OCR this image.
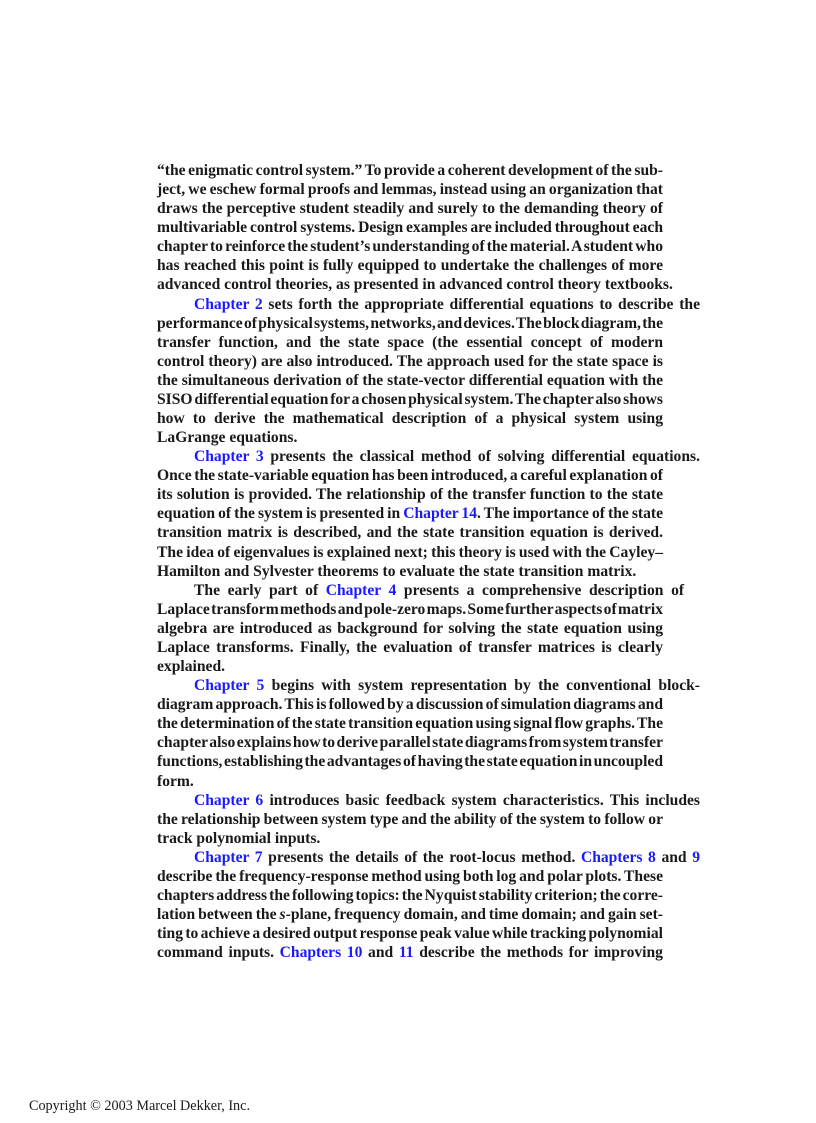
“the enigmatic control system.” To provide a coherent development of the sub-
ject, we eschew formal proofs and lemmas, instead using an organization that
draws the perceptive student steadily and surely to the demanding theory of
multivariable control systems. Design examples are included throughout each
chapter to reinforce the student’s understanding of the material. A student who
has reached this point is fully equipped to undertake the challenges of more
advanced control theories, as presented in advanced control theory textbooks.

Chapter 2 sets forth the appropriate differential equations to describe the
performance of physical systems, networks, and devices. The block diagram, the
transfer function, and the state space (the essential concept of modern
control theory) are also introduced. The approach used for the state space is
the simultaneous derivation of the state-vector differential equation with the
SISO differential equation for a chosen physical system. The chapter also shows
how to derive the mathematical description of a physical system using
LaGrange equations.

Chapter 3 presents the classical method of solving differential equations.
Once the state-variable equation has been introduced, a careful explanation of
its solution is provided. The relationship of the transfer function to the state
equation of the system is presented in Chapter 14. The importance of the state
transition matrix is described, and the state transition equation is derived.
The idea of eigenvalues is explained next; this theory is used with the Cayley–
Hamilton and Sylvester theorems to evaluate the state transition matrix.

The early part of Chapter 4 presents a comprehensive description of
Laplace transform methods and pole-zero maps. Some further aspects of matrix
algebra are introduced as background for solving the state equation using
Laplace transforms. Finally, the evaluation of transfer matrices is clearly
explained.

Chapter 5 begins with system representation by the conventional block-
diagram approach. This is followed by a discussion of simulation diagrams and
the determination of the state transition equation using signal flow graphs. The
chapter also explains how to derive parallel state diagrams from system transfer
functions, establishing the advantages of having the state equation in uncoupled
form.

Chapter 6 introduces basic feedback system characteristics. This includes
the relationship between system type and the ability of the system to follow or
track polynomial inputs.

Chapter 7 presents the details of the root-locus method. Chapters 8 and 9
describe the frequency-response method using both log and polar plots. These
chapters address the following topics: the Nyquist stability criterion; the corre-
lation between the s-plane, frequency domain, and time domain; and gain set-
ting to achieve a desired output response peak value while tracking polynomial
command inputs. Chapters 10 and 11 describe the methods for improving

Copyright © 2003 Marcel Dekker, Inc.
